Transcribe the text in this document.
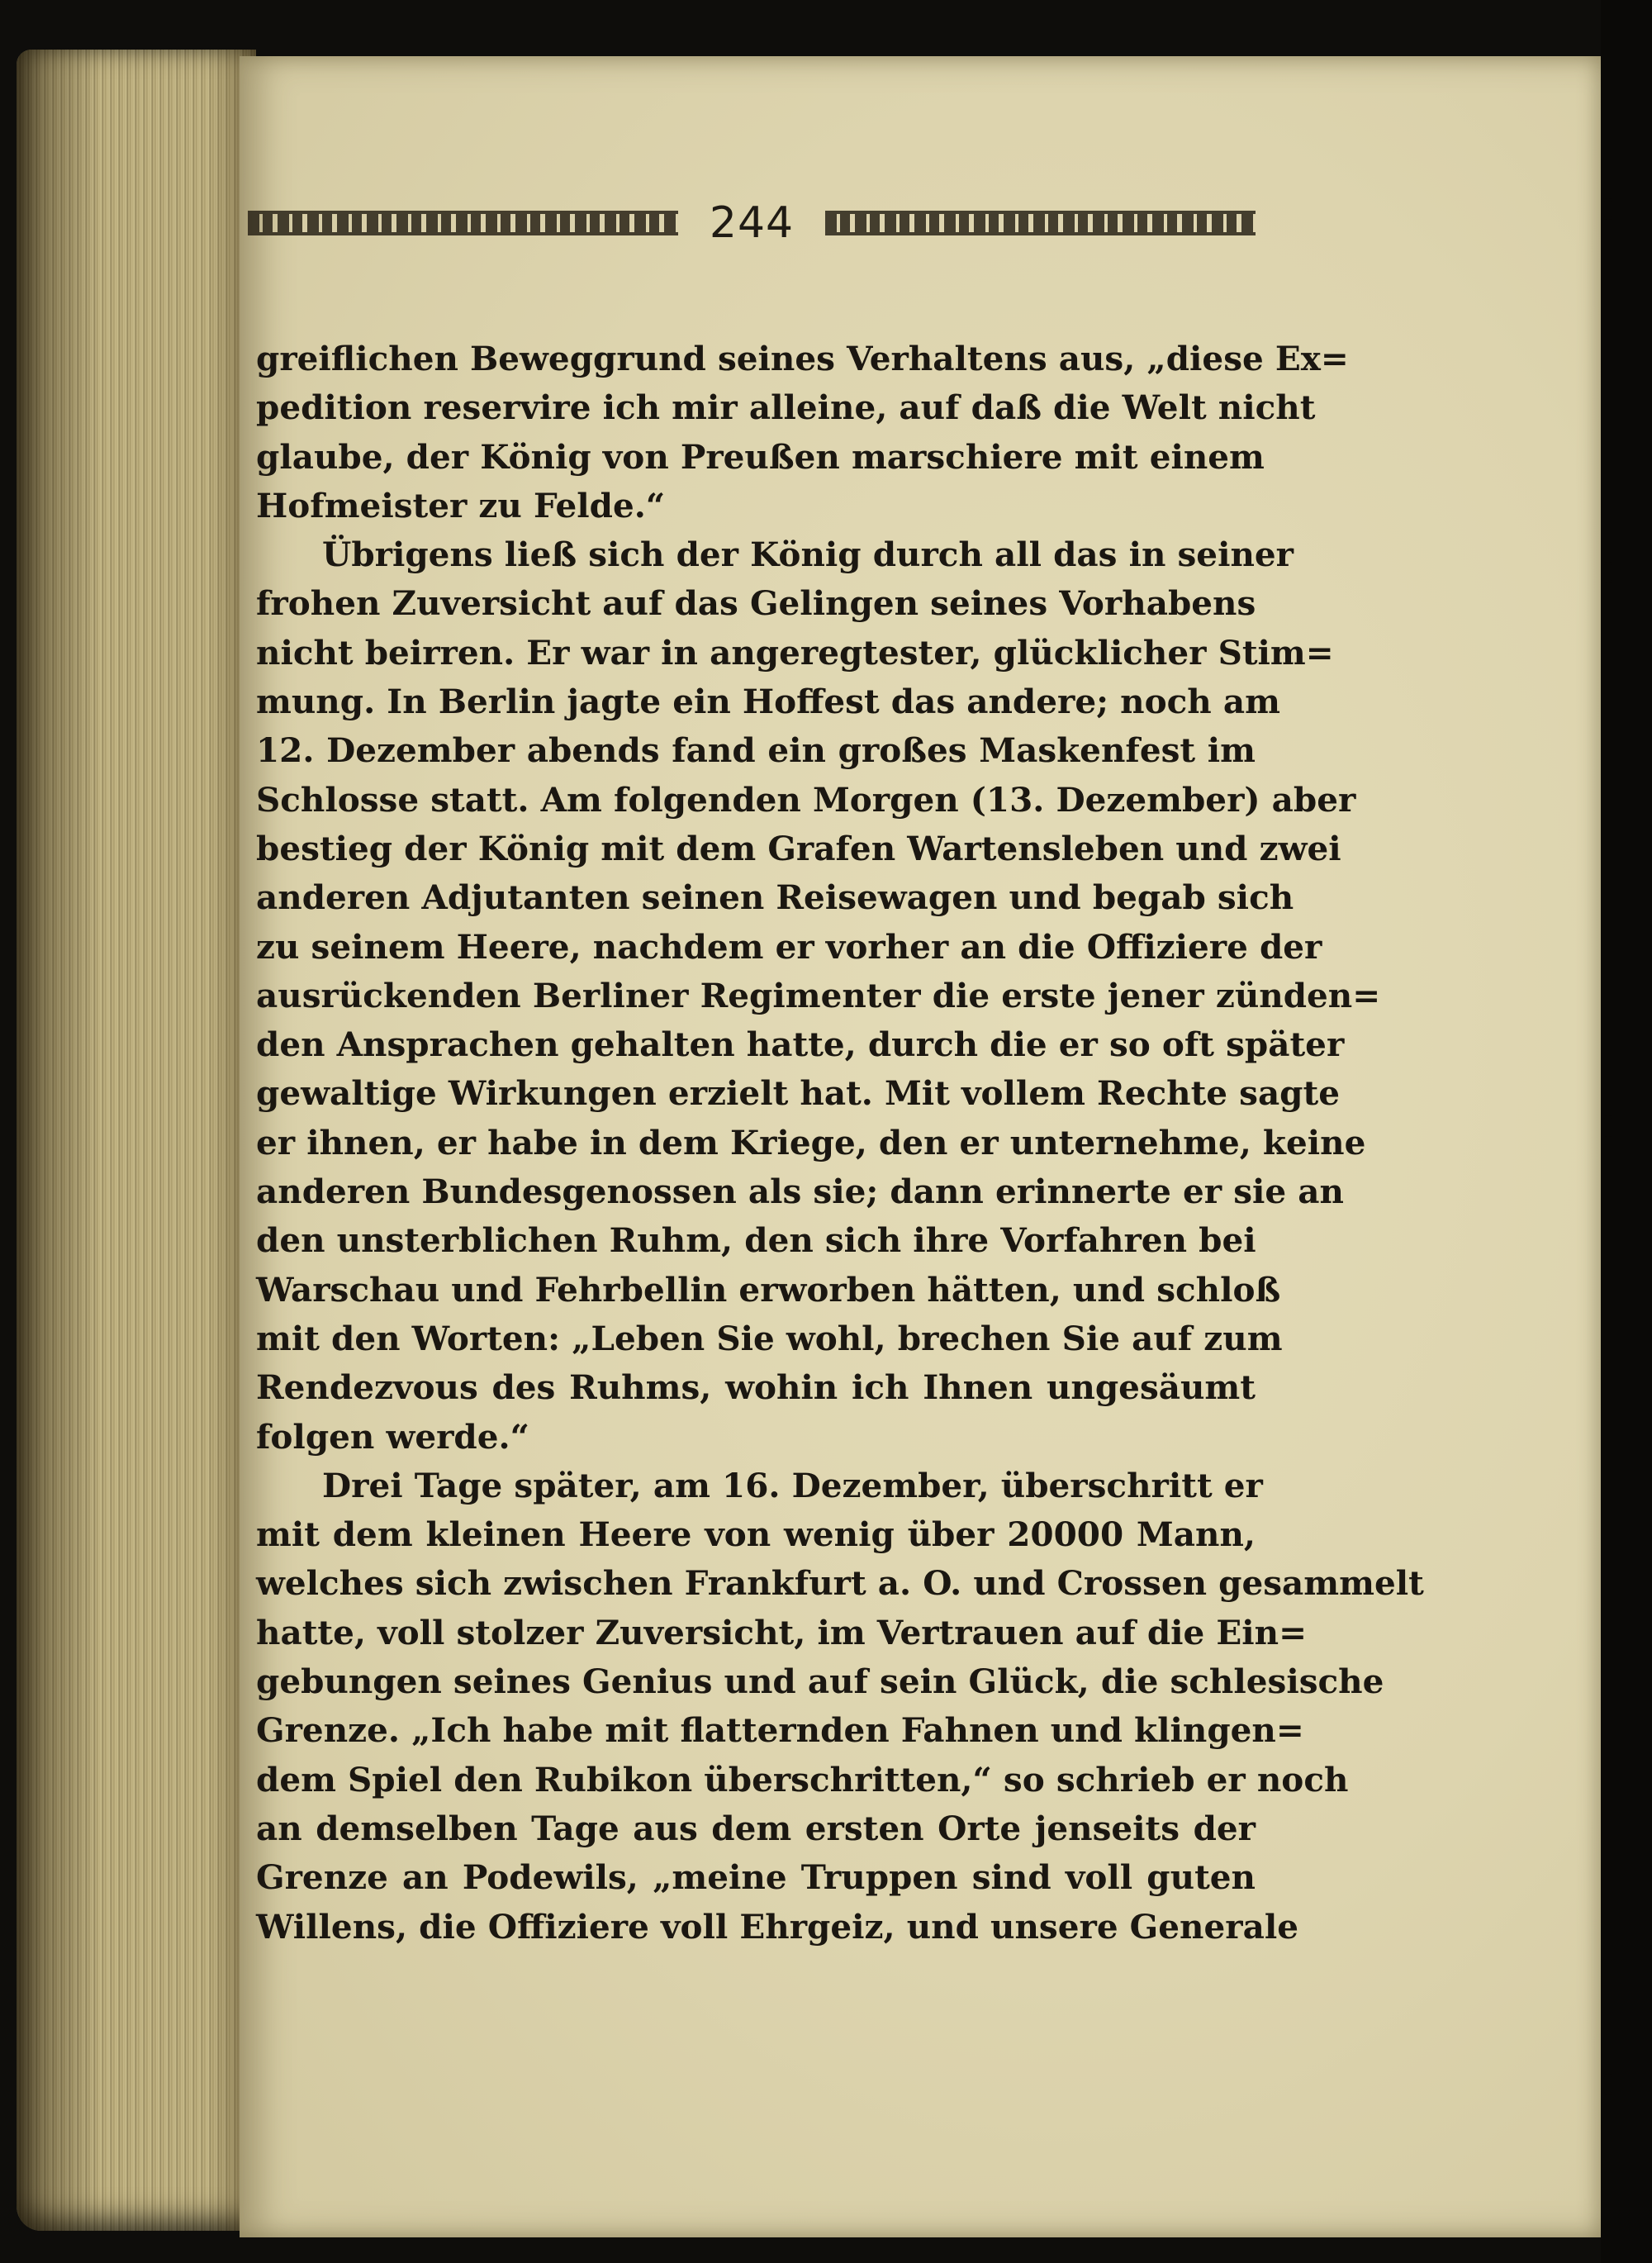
244
greiflichen Beweggrund seines Verhaltens aus, „diese Ex=
pedition reservire ich mir alleine, auf daß die Welt nicht
glaube, der König von Preußen marschiere mit einem
Hofmeister zu Felde.“
Übrigens ließ sich der König durch all das in seiner
frohen Zuversicht auf das Gelingen seines Vorhabens
nicht beirren. Er war in angeregtester, glücklicher Stim=
mung. In Berlin jagte ein Hoffest das andere; noch am
12. Dezember abends fand ein großes Maskenfest im
Schlosse statt. Am folgenden Morgen (13. Dezember) aber
bestieg der König mit dem Grafen Wartensleben und zwei
anderen Adjutanten seinen Reisewagen und begab sich
zu seinem Heere, nachdem er vorher an die Offiziere der
ausrückenden Berliner Regimenter die erste jener zünden=
den Ansprachen gehalten hatte, durch die er so oft später
gewaltige Wirkungen erzielt hat. Mit vollem Rechte sagte
er ihnen, er habe in dem Kriege, den er unternehme, keine
anderen Bundesgenossen als sie; dann erinnerte er sie an
den unsterblichen Ruhm, den sich ihre Vorfahren bei
Warschau und Fehrbellin erworben hätten, und schloß
mit den Worten: „Leben Sie wohl, brechen Sie auf zum
Rendezvous des Ruhms, wohin ich Ihnen ungesäumt
folgen werde.“
Drei Tage später, am 16. Dezember, überschritt er
mit dem kleinen Heere von wenig über 20000 Mann,
welches sich zwischen Frankfurt a. O. und Crossen gesammelt
hatte, voll stolzer Zuversicht, im Vertrauen auf die Ein=
gebungen seines Genius und auf sein Glück, die schlesische
Grenze. „Ich habe mit flatternden Fahnen und klingen=
dem Spiel den Rubikon überschritten,“ so schrieb er noch
an demselben Tage aus dem ersten Orte jenseits der
Grenze an Podewils, „meine Truppen sind voll guten
Willens, die Offiziere voll Ehrgeiz, und unsere Generale
